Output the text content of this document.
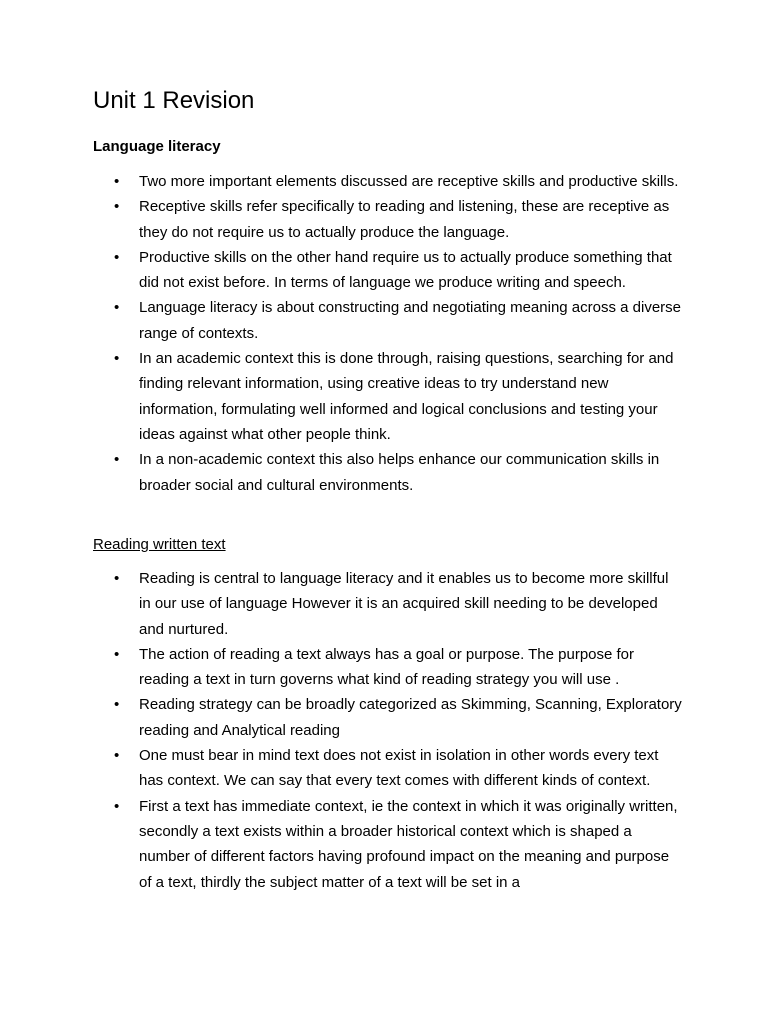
Unit 1 Revision
Language literacy
• Two more important elements discussed are receptive skills and productive skills.
• Receptive skills refer specifically to reading and listening, these are receptive as they do not require us to actually produce the language.
• Productive skills on the other hand require us to actually produce something that did not exist before. In terms of language we produce writing and speech.
• Language literacy is about constructing and negotiating meaning across a diverse range of contexts.
• In an academic context this is done through, raising questions, searching for and finding relevant information, using creative ideas to try understand new information, formulating well informed and logical conclusions and testing your ideas against what other people think.
• In a non-academic context this also helps enhance our communication skills in broader social and cultural environments.
Reading written text
• Reading is central to language literacy and it enables us to become more skillful in our use of language However it is an acquired skill needing to be developed and nurtured.
• The action of reading a text always has a goal or purpose. The purpose for reading a text in turn governs what kind of reading strategy you will use .
• Reading strategy can be broadly categorized as Skimming, Scanning, Exploratory reading and Analytical reading
• One must bear in mind text does not exist in isolation in other words every text has context. We can say that every text comes with different kinds of context.
• First a text has immediate context, ie the context in which it was originally written, secondly a text exists within a broader historical context which is shaped a number of different factors having profound impact on the meaning and purpose of a text, thirdly the subject matter of a text will be set in a
